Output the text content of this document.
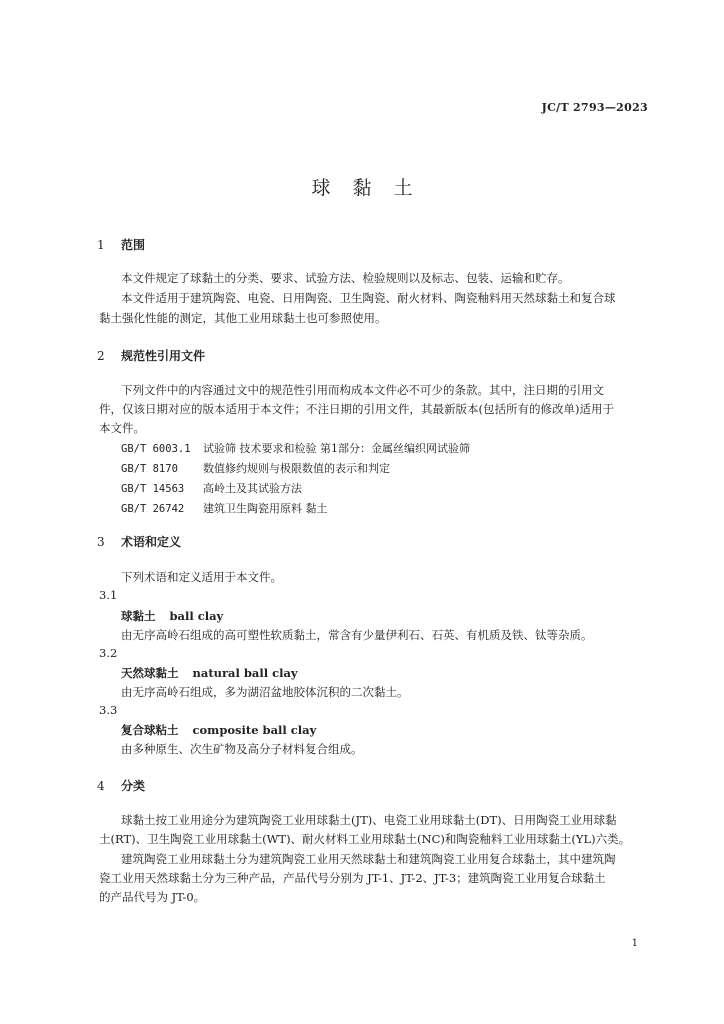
JC/T 2793—2023
球黏土
1 范围
本文件规定了球黏土的分类、要求、试验方法、检验规则以及标志、包装、运输和贮存。
本文件适用于建筑陶瓷、电瓷、日用陶瓷、卫生陶瓷、耐火材料、陶瓷釉料用天然球黏土和复合球
黏土强化性能的测定，其他工业用球黏土也可参照使用。
2 规范性引用文件
下列文件中的内容通过文中的规范性引用而构成本文件必不可少的条款。其中，注日期的引用文
件，仅该日期对应的版本适用于本文件；不注日期的引用文件，其最新版本(包括所有的修改单)适用于
本文件。
GB/T 6003.1 试验筛 技术要求和检验 第1部分：金属丝编织网试验筛
GB/T 8170 数值修约规则与极限数值的表示和判定
GB/T 14563 高岭土及其试验方法
GB/T 26742 建筑卫生陶瓷用原料 黏土
3 术语和定义
下列术语和定义适用于本文件。
3.1
球黏土 ball clay
由无序高岭石组成的高可塑性软质黏土，常含有少量伊利石、石英、有机质及铁、钛等杂质。
3.2
天然球黏土 natural ball clay
由无序高岭石组成，多为湖沼盆地胶体沉积的二次黏土。
3.3
复合球粘土 composite ball clay
由多种原生、次生矿物及高分子材料复合组成。
4 分类
球黏土按工业用途分为建筑陶瓷工业用球黏土(JT)、电瓷工业用球黏土(DT)、日用陶瓷工业用球黏
土(RT)、卫生陶瓷工业用球黏土(WT)、耐火材料工业用球黏土(NC)和陶瓷釉料工业用球黏土(YL)六类。
建筑陶瓷工业用球黏土分为建筑陶瓷工业用天然球黏土和建筑陶瓷工业用复合球黏土，其中建筑陶
瓷工业用天然球黏土分为三种产品，产品代号分别为 JT-1、JT-2、JT-3；建筑陶瓷工业用复合球黏土
的产品代号为 JT-0。
1
